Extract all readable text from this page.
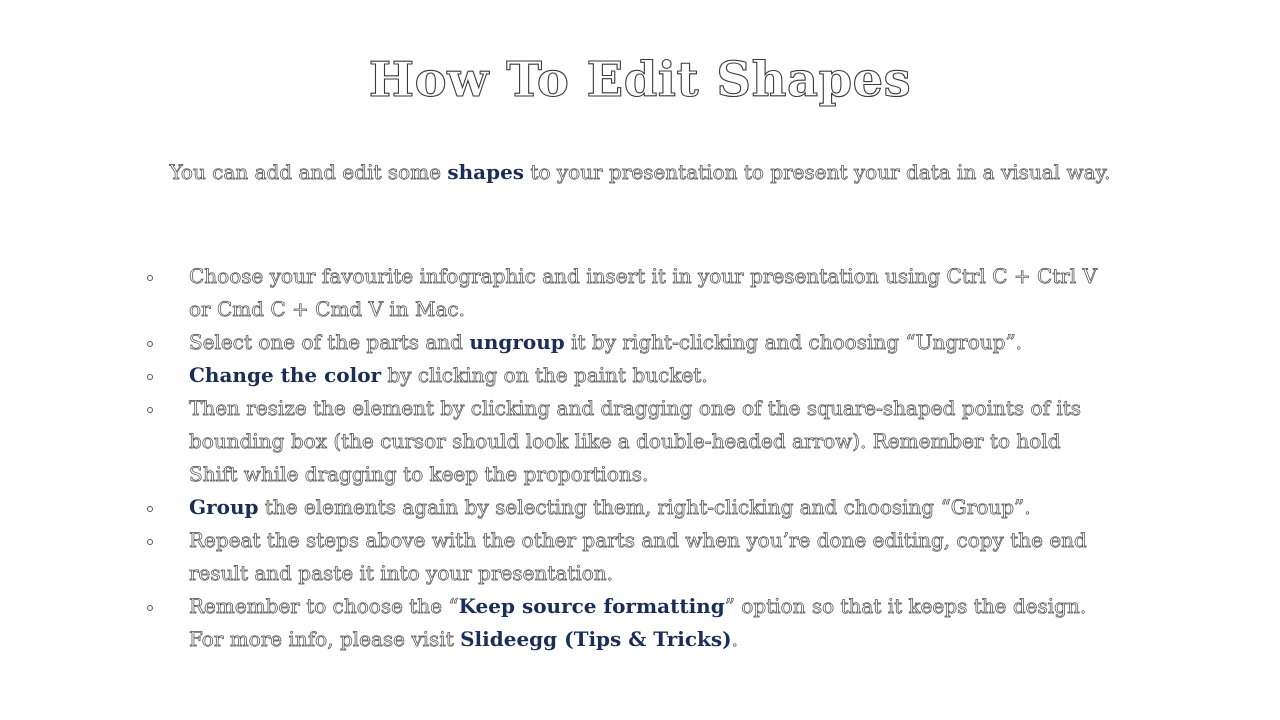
How To Edit Shapes

You can add and edit some shapes to your presentation to present your data in a visual way.

Choose your favourite infographic and insert it in your presentation using Ctrl C + Ctrl V
or Cmd C + Cmd V in Mac.
Select one of the parts and ungroup it by right-clicking and choosing “Ungroup”.
Change the color by clicking on the paint bucket.
Then resize the element by clicking and dragging one of the square-shaped points of its
bounding box (the cursor should look like a double-headed arrow). Remember to hold
Shift while dragging to keep the proportions.
Group the elements again by selecting them, right-clicking and choosing “Group”.
Repeat the steps above with the other parts and when you’re done editing, copy the end
result and paste it into your presentation.
Remember to choose the “Keep source formatting” option so that it keeps the design.
For more info, please visit Slideegg (Tips & Tricks).
